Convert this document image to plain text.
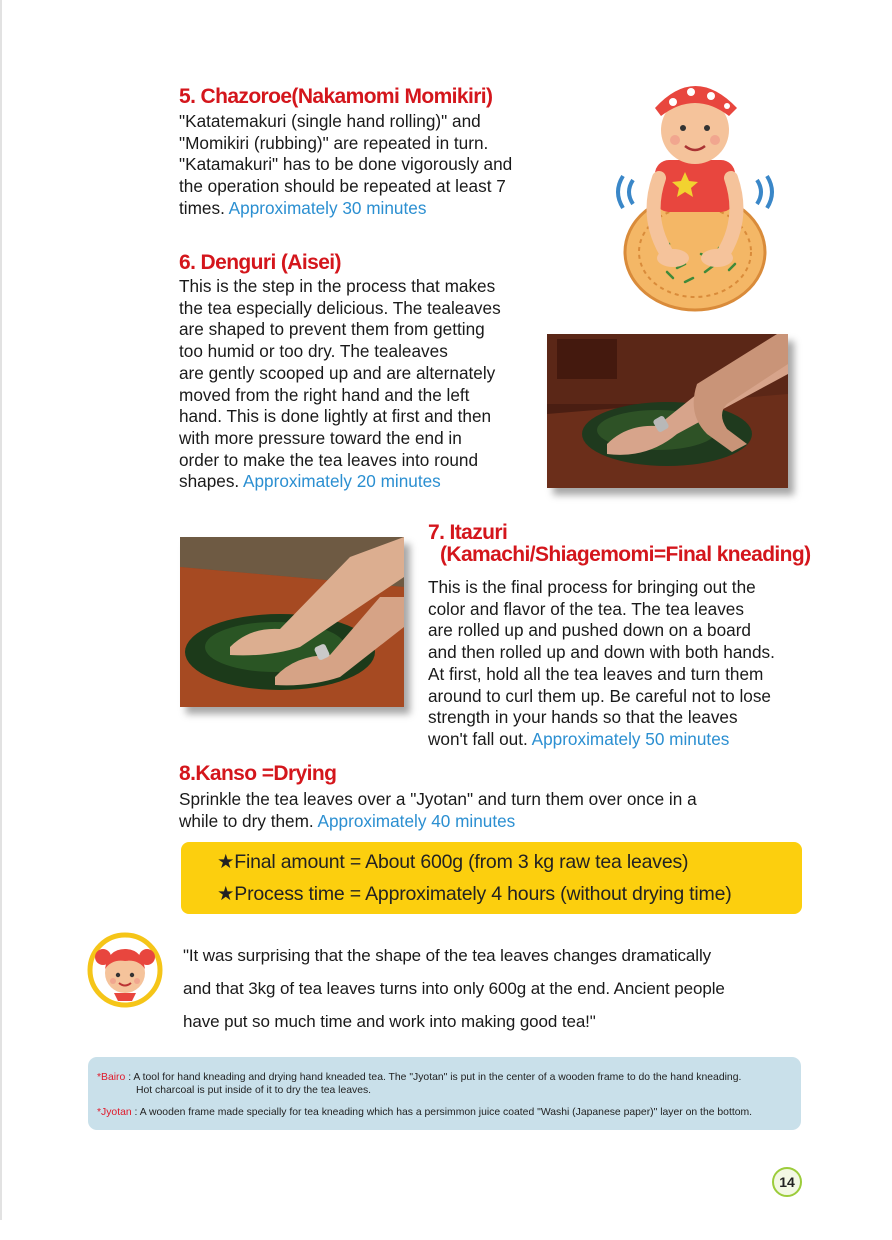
5. Chazoroe(Nakamomi Momikiri)
"Katatemakuri (single hand rolling)" and
"Momikiri (rubbing)" are repeated in turn.
"Katamakuri" has to be done vigorously and
the operation should be repeated at least 7
times. Approximately 30 minutes
6. Denguri (Aisei)
This is the step in the process that makes
the tea especially delicious. The tealeaves
are shaped to prevent them from getting
too humid or too dry. The tealeaves
are gently scooped up and are alternately
moved from the right hand and the left
hand. This is done lightly at first and then
with more pressure toward the end in
order to make the tea leaves into round
shapes. Approximately 20 minutes
7. Itazuri
(Kamachi/Shiagemomi=Final kneading)
This is the final process for bringing out the
color and flavor of the tea. The tea leaves
are rolled up and pushed down on a board
and then rolled up and down with both hands.
At first, hold all the tea leaves and turn them
around to curl them up. Be careful not to lose
strength in your hands so that the leaves
won't fall out. Approximately 50 minutes
8.Kanso =Drying
Sprinkle the tea leaves over a "Jyotan" and turn them over once in a
while to dry them. Approximately 40 minutes
★Final amount = About 600g (from 3 kg raw tea leaves)
★Process time = Approximately 4 hours (without drying time)
"It was surprising that the shape of the tea leaves changes dramatically
and that 3kg of tea leaves turns into only 600g at the end. Ancient people
have put so much time and work into making good tea!"
*Bairo : A tool for hand kneading and drying hand kneaded tea. The "Jyotan" is put in the center of a wooden frame to do the hand kneading.
Hot charcoal is put inside of it to dry the tea leaves.
*Jyotan : A wooden frame made specially for tea kneading which has a persimmon juice coated "Washi (Japanese paper)" layer on the bottom.
14
